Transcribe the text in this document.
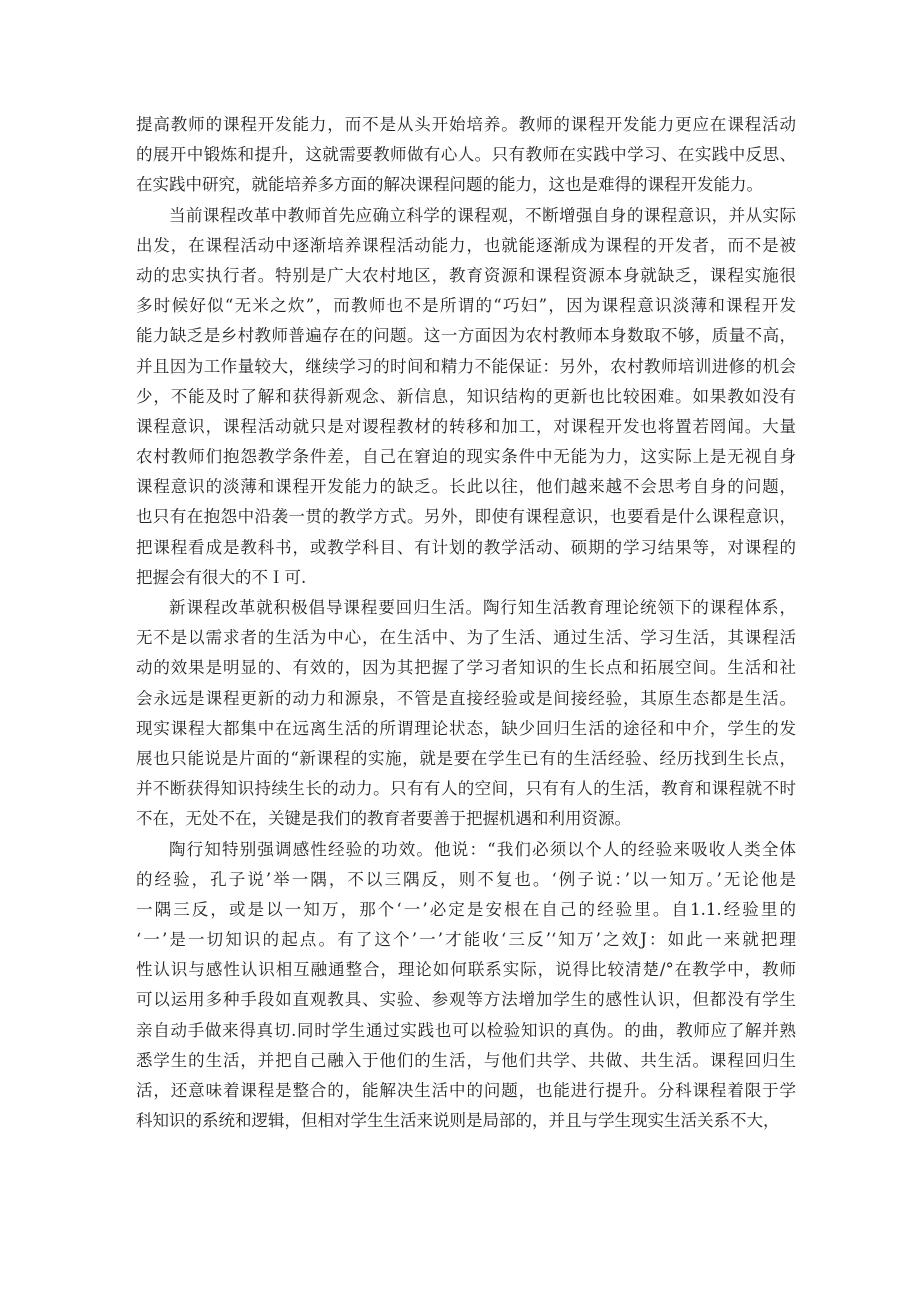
提高教师的课程开发能力，而不是从头开始培养。教师的课程开发能力更应在课程活动
的展开中锻炼和提升，这就需要教师做有心人。只有教师在实践中学习、在实践中反思、
在实践中研究，就能培养多方面的解决课程问题的能力，这也是难得的课程开发能力。
当前课程改革中教师首先应确立科学的课程观，不断增强自身的课程意识，并从实际
出发，在课程活动中逐渐培养课程活动能力，也就能逐渐成为课程的开发者，而不是被
动的忠实执行者。特别是广大农村地区，教育资源和课程资源本身就缺乏，课程实施很
多时候好似“无米之炊”，而教师也不是所谓的“巧妇”，因为课程意识淡薄和课程开发
能力缺乏是乡村教师普遍存在的问题。这一方面因为农村教师本身数取不够，质量不高，
并且因为工作量较大，继续学习的时间和精力不能保证：另外，农村教师培训进修的机会
少，不能及时了解和获得新观念、新信息，知识结构的更新也比较困难。如果教如没有
课程意识，课程活动就只是对谡程教材的转移和加工，对课程开发也将置若罔闻。大量
农村教师们抱怨教学条件差，自己在窘迫的现实条件中无能为力，这实际上是无视自身
课程意识的淡薄和课程开发能力的缺乏。长此以往，他们越来越不会思考自身的问题，
也只有在抱怨中沿袭一贯的教学方式。另外，即使有课程意识，也要看是什么课程意识，
把课程看成是教科书，或教学科目、有计划的教学活动、硕期的学习结果等，对课程的
把握会有很大的不Ｉ可.
新课程改革就积极倡导课程要回归生活。陶行知生活教育理论统领下的课程体系，
无不是以需求者的生活为中心，在生活中、为了生活、通过生活、学习生活，其课程活
动的效果是明显的、有效的，因为其把握了学习者知识的生长点和拓展空间。生活和社
会永远是课程更新的动力和源泉，不管是直接经验或是间接经验，其原生态都是生活。
现实课程大都集中在远离生活的所谓理论状态，缺少回归生活的途径和中介，学生的发
展也只能说是片面的“新课程的实施，就是要在学生已有的生活经验、经历找到生长点，
并不断获得知识持续生长的动力。只有有人的空间，只有有人的生活，教育和课程就不时
不在，无处不在，关键是我们的教育者要善于把握机遇和利用资源。
陶行知特别强调感性经验的功效。他说：“我们必须以个人的经验来吸收人类全体
的经验，孔子说’举一隅，不以三隅反，则不复也。‘例子说：’以一知万。’无论他是
一隅三反，或是以一知万，那个‘一’必定是安根在自己的经验里。自1.1.经验里的
‘一’是一切知识的起点。有了这个’一’才能收‘三反’‘知万’之效J：如此一来就把理
性认识与感性认识相互融通整合，理论如何联系实际，说得比较清楚/°在教学中，教师
可以运用多种手段如直观教具、实验、参观等方法增加学生的感性认识，但都没有学生
亲自动手做来得真切.同时学生通过实践也可以检验知识的真伪。的曲，教师应了解并熟
悉学生的生活，并把自己融入于他们的生活，与他们共学、共做、共生活。课程回归生
活，还意味着课程是整合的，能解决生活中的问题，也能进行提升。分科课程着限于学
科知识的系统和逻辑，但相对学生生活来说则是局部的，并且与学生现实生活关系不大，
